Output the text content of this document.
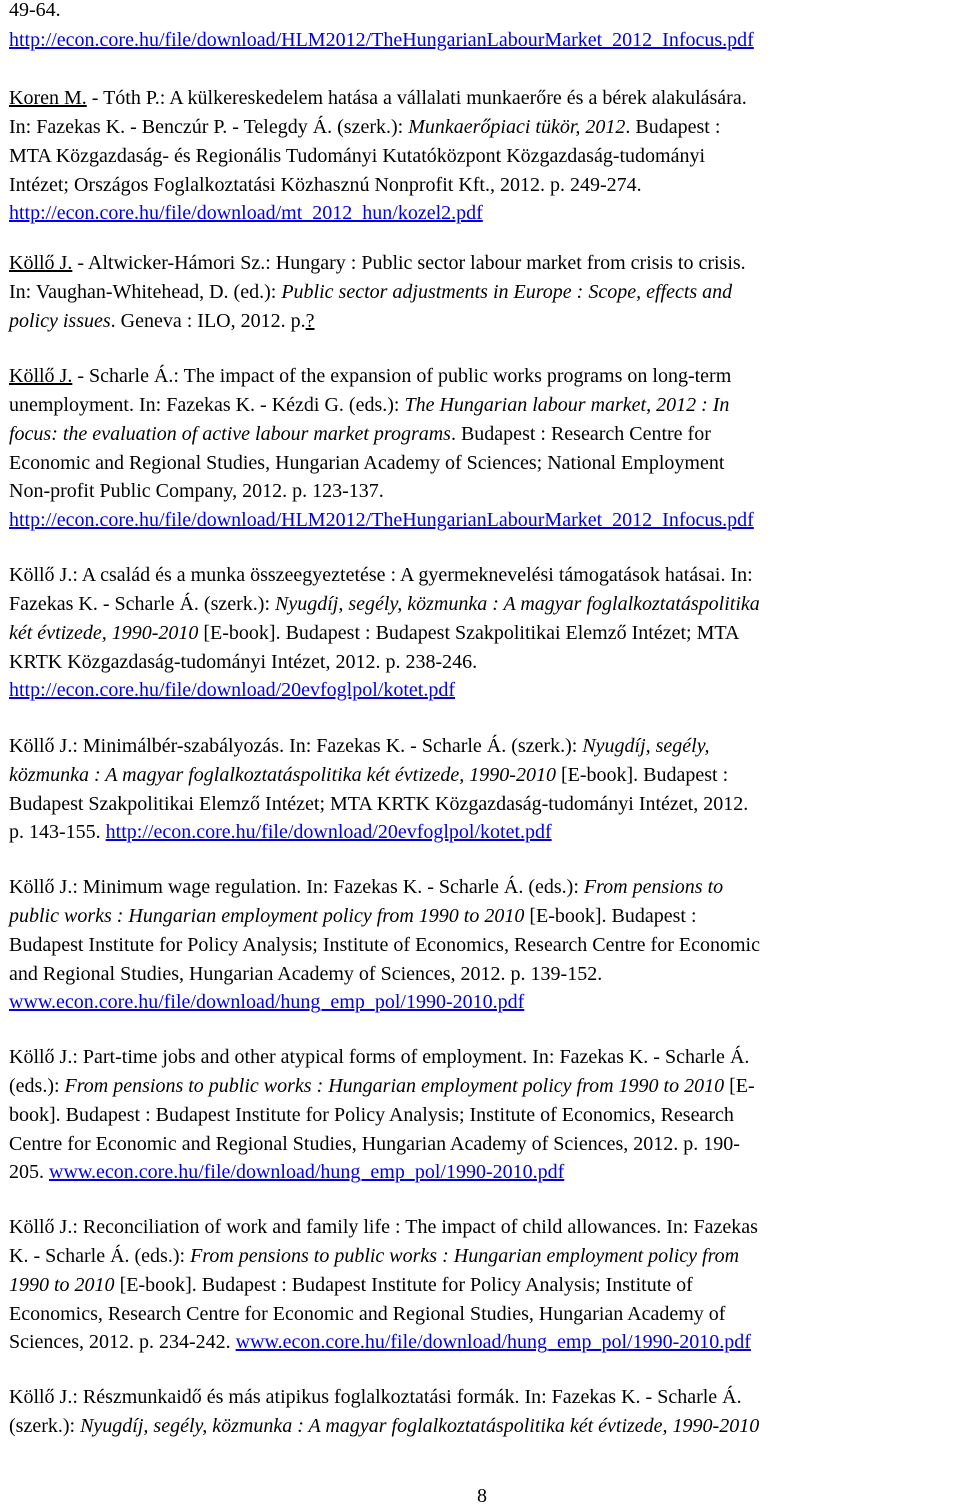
49-64.
http://econ.core.hu/file/download/HLM2012/TheHungarianLabourMarket_2012_Infocus.pdf
Koren M. - Tóth P.: A külkereskedelem hatása a vállalati munkaerőre és a bérek alakulására.
In: Fazekas K. - Benczúr P. - Telegdy Á. (szerk.): Munkaerőpiaci tükör, 2012. Budapest :
MTA Közgazdaság- és Regionális Tudományi Kutatóközpont Közgazdaság-tudományi
Intézet; Országos Foglalkoztatási Közhasznú Nonprofit Kft., 2012. p. 249-274.
http://econ.core.hu/file/download/mt_2012_hun/kozel2.pdf
Köllő J. - Altwicker-Hámori Sz.: Hungary : Public sector labour market from crisis to crisis.
In: Vaughan-Whitehead, D. (ed.): Public sector adjustments in Europe : Scope, effects and
policy issues. Geneva : ILO, 2012. p.?
Köllő J. - Scharle Á.: The impact of the expansion of public works programs on long-term
unemployment. In: Fazekas K. - Kézdi G. (eds.): The Hungarian labour market, 2012 : In
focus: the evaluation of active labour market programs. Budapest : Research Centre for
Economic and Regional Studies, Hungarian Academy of Sciences; National Employment
Non-profit Public Company, 2012. p. 123-137.
http://econ.core.hu/file/download/HLM2012/TheHungarianLabourMarket_2012_Infocus.pdf
Köllő J.: A család és a munka összeegyeztetése : A gyermeknevelési támogatások hatásai. In:
Fazekas K. - Scharle Á. (szerk.): Nyugdíj, segély, közmunka : A magyar foglalkoztatáspolitika
két évtizede, 1990-2010 [E-book]. Budapest : Budapest Szakpolitikai Elemző Intézet; MTA
KRTK Közgazdaság-tudományi Intézet, 2012. p. 238-246.
http://econ.core.hu/file/download/20evfoglpol/kotet.pdf
Köllő J.: Minimálbér-szabályozás. In: Fazekas K. - Scharle Á. (szerk.): Nyugdíj, segély,
közmunka : A magyar foglalkoztatáspolitika két évtizede, 1990-2010 [E-book]. Budapest :
Budapest Szakpolitikai Elemző Intézet; MTA KRTK Közgazdaság-tudományi Intézet, 2012.
p. 143-155. http://econ.core.hu/file/download/20evfoglpol/kotet.pdf
Köllő J.: Minimum wage regulation. In: Fazekas K. - Scharle Á. (eds.): From pensions to
public works : Hungarian employment policy from 1990 to 2010 [E-book]. Budapest :
Budapest Institute for Policy Analysis; Institute of Economics, Research Centre for Economic
and Regional Studies, Hungarian Academy of Sciences, 2012. p. 139-152.
www.econ.core.hu/file/download/hung_emp_pol/1990-2010.pdf
Köllő J.: Part-time jobs and other atypical forms of employment. In: Fazekas K. - Scharle Á.
(eds.): From pensions to public works : Hungarian employment policy from 1990 to 2010 [E-
book]. Budapest : Budapest Institute for Policy Analysis; Institute of Economics, Research
Centre for Economic and Regional Studies, Hungarian Academy of Sciences, 2012. p. 190-
205. www.econ.core.hu/file/download/hung_emp_pol/1990-2010.pdf
Köllő J.: Reconciliation of work and family life : The impact of child allowances. In: Fazekas
K. - Scharle Á. (eds.): From pensions to public works : Hungarian employment policy from
1990 to 2010 [E-book]. Budapest : Budapest Institute for Policy Analysis; Institute of
Economics, Research Centre for Economic and Regional Studies, Hungarian Academy of
Sciences, 2012. p. 234-242. www.econ.core.hu/file/download/hung_emp_pol/1990-2010.pdf
Köllő J.: Részmunkaidő és más atipikus foglalkoztatási formák. In: Fazekas K. - Scharle Á.
(szerk.): Nyugdíj, segély, közmunka : A magyar foglalkoztatáspolitika két évtizede, 1990-2010
8
